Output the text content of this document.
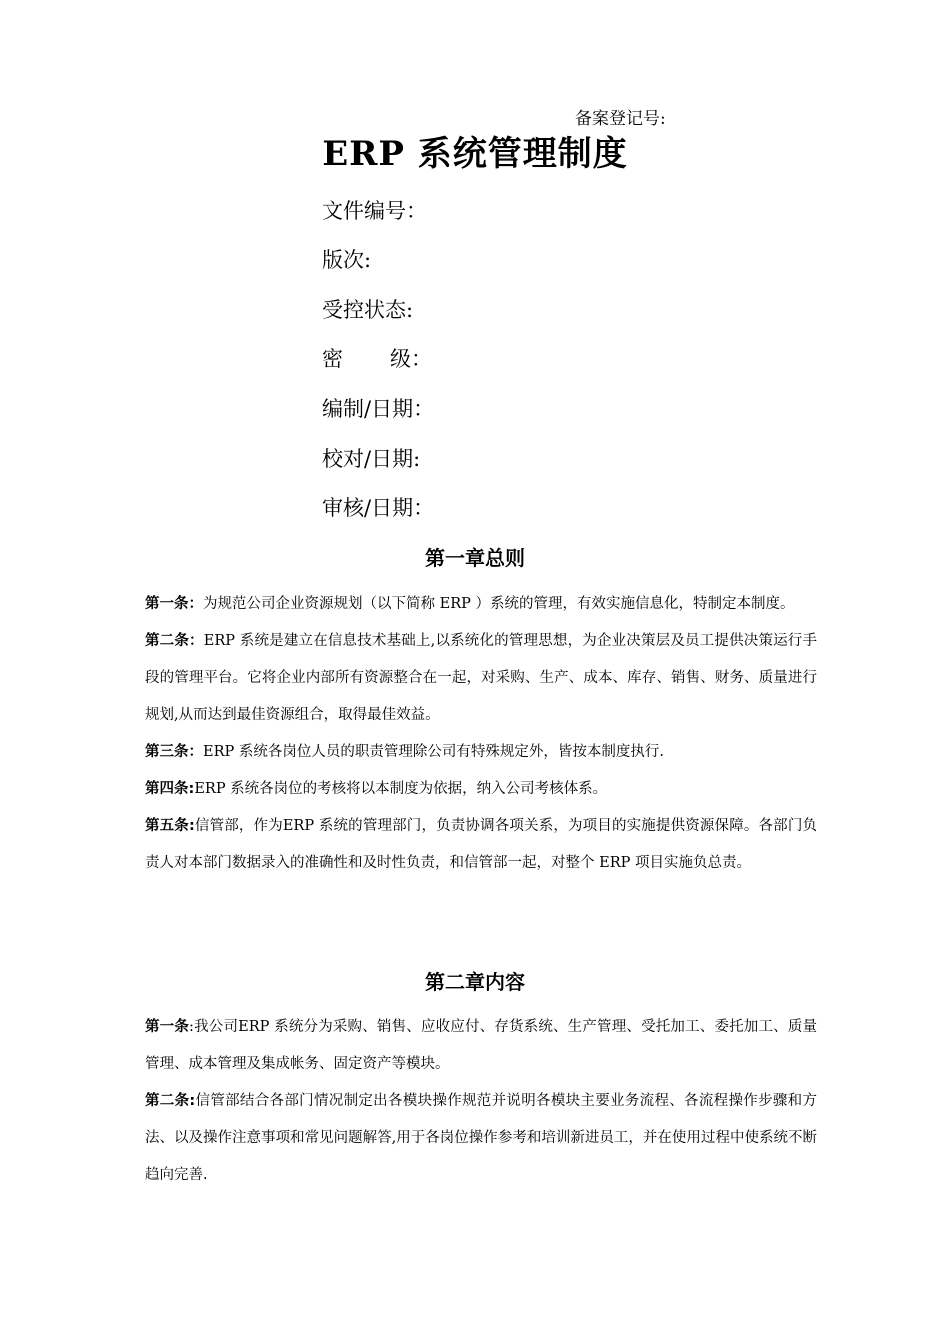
备案登记号:
ERP 系统管理制度
文件编号：
版次:
受控状态:
密 级：
编制/日期：
校对/日期:
审核/日期：
第一章总则

第一条：为规范公司企业资源规划（以下简称 ERP ）系统的管理，有效实施信息化，特制定本制度。

第二条：ERP 系统是建立在信息技术基础上,以系统化的管理思想，为企业决策层及员工提供决策运行手段的管理平台。它将企业内部所有资源整合在一起，对采购、生产、成本、库存、销售、财务、质量进行规划,从而达到最佳资源组合，取得最佳效益。

第三条：ERP 系统各岗位人员的职责管理除公司有特殊规定外，皆按本制度执行.

第四条:ERP 系统各岗位的考核将以本制度为依据，纳入公司考核体系。

第五条:信管部，作为ERP 系统的管理部门，负责协调各项关系，为项目的实施提供资源保障。各部门负责人对本部门数据录入的准确性和及时性负责，和信管部一起，对整个 ERP 项目实施负总责。

第二章内容

第一条:我公司ERP 系统分为采购、销售、应收应付、存货系统、生产管理、受托加工、委托加工、质量管理、成本管理及集成帐务、固定资产等模块。

第二条:信管部结合各部门情况制定出各模块操作规范并说明各模块主要业务流程、各流程操作步骤和方法、以及操作注意事项和常见问题解答,用于各岗位操作参考和培训新进员工，并在使用过程中使系统不断趋向完善.
